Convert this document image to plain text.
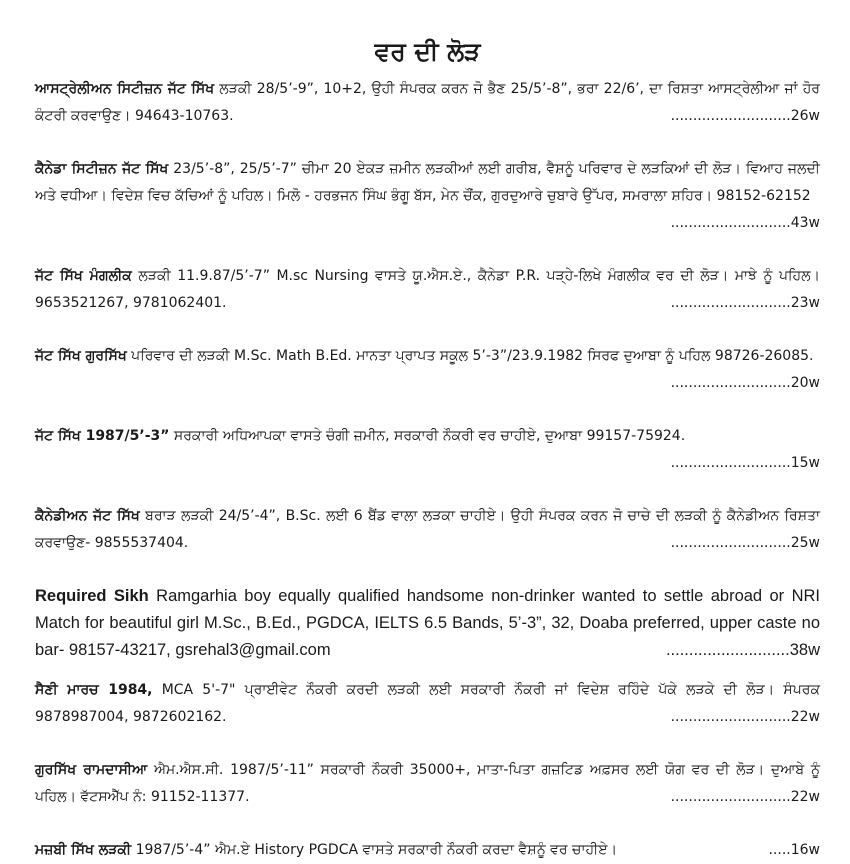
ਵਰ ਦੀ ਲੋੜ

ਆਸਟ੍ਰੇਲੀਅਨ ਸਿਟੀਜ਼ਨ ਜੱਟ ਸਿੱਖ ਲੜਕੀ 28/5’-9”, 10+2, ਉਹੀ ਸੰਪਰਕ ਕਰਨ ਜੋ ਭੈਣ 25/5’-8”, ਭਰਾ 22/6’, ਦਾ ਰਿਸ਼ਤਾ ਆਸਟ੍ਰੇਲੀਆ ਜਾਂ ਹੋਰ ਕੰਟਰੀ ਕਰਵਾਉਣ। 94643-10763.	...........................26w

ਕੈਨੇਡਾ ਸਿਟੀਜ਼ਨ ਜੱਟ ਸਿੱਖ 23/5’-8”, 25/5’-7” ਚੀਮਾ 20 ਏਕੜ ਜ਼ਮੀਨ ਲੜਕੀਆਂ ਲਈ ਗਰੀਬ, ਵੈਸ਼ਨੂੰ ਪਰਿਵਾਰ ਦੇ ਲੜਕਿਆਂ ਦੀ ਲੋੜ। ਵਿਆਹ ਜਲਦੀ ਅਤੇ ਵਧੀਆ। ਵਿਦੇਸ਼ ਵਿਚ ਕੱਚਿਆਂ ਨੂੰ ਪਹਿਲ। ਮਿਲੋ - ਹਰਭਜਨ ਸਿੰਘ ਭੰਗੂ ਬੱਸ, ਮੇਨ ਚੌਂਕ, ਗੁਰਦੁਆਰੇ ਚੁਬਾਰੇ ਉੱਪਰ, ਸਮਰਾਲਾ ਸ਼ਹਿਰ। 98152-62152
...........................43w

ਜੱਟ ਸਿੱਖ ਮੰਗਲੀਕ ਲੜਕੀ 11.9.87/5’-7” M.sc Nursing ਵਾਸਤੇ ਯੂ.ਐਸ.ਏ., ਕੈਨੇਡਾ P.R. ਪੜ੍ਹੇ-ਲਿਖੇ ਮੰਗਲੀਕ ਵਰ ਦੀ ਲੋੜ। ਮਾਝੇ ਨੂੰ ਪਹਿਲ। 9653521267, 9781062401.	...........................23w

ਜੱਟ ਸਿੱਖ ਗੁਰਸਿੱਖ ਪਰਿਵਾਰ ਦੀ ਲੜਕੀ M.Sc. Math B.Ed. ਮਾਨਤਾ ਪ੍ਰਾਪਤ ਸਕੂਲ 5’-3”/23.9.1982 ਸਿਰਫ ਦੁਆਬਾ ਨੂੰ ਪਹਿਲ 98726-26085.
...........................20w

ਜੱਟ ਸਿੱਖ 1987/5’-3” ਸਰਕਾਰੀ ਅਧਿਆਪਕਾ ਵਾਸਤੇ ਚੰਗੀ ਜ਼ਮੀਨ, ਸਰਕਾਰੀ ਨੌਕਰੀ ਵਰ ਚਾਹੀਏ, ਦੁਆਬਾ 99157-75924.

...........................15w

ਕੈਨੇਡੀਅਨ ਜੱਟ ਸਿੱਖ ਬਰਾੜ ਲੜਕੀ 24/5’-4”, B.Sc. ਲਈ 6 ਬੈਂਡ ਵਾਲਾ ਲੜਕਾ ਚਾਹੀਏ। ਉਹੀ ਸੰਪਰਕ ਕਰਨ ਜੋ ਚਾਚੇ ਦੀ ਲੜਕੀ ਨੂੰ ਕੈਨੇਡੀਅਨ ਰਿਸ਼ਤਾ ਕਰਵਾਉਣ- 9855537404.	...........................25w

Required Sikh Ramgarhia boy equally qualified handsome non-drinker wanted to settle abroad or NRI Match for beautiful girl M.Sc., B.Ed., PGDCA, IELTS 6.5 Bands, 5’-3”, 32, Doaba preferred, upper caste no bar- 98157-43217, gsrehal3@gmail.com	...........................38w

ਸੈਣੀ ਮਾਰਚ 1984, MCA 5'-7" ਪ੍ਰਾਈਵੇਟ ਨੌਕਰੀ ਕਰਦੀ ਲੜਕੀ ਲਈ ਸਰਕਾਰੀ ਨੌਕਰੀ ਜਾਂ ਵਿਦੇਸ਼ ਰਹਿੰਦੇ ਪੱਕੇ ਲੜਕੇ ਦੀ ਲੋੜ। ਸੰਪਰਕ 9878987004, 9872602162.	...........................22w

ਗੁਰਸਿੱਖ ਰਾਮਦਾਸੀਆ ਐਮ.ਐਸ.ਸੀ. 1987/5’-11” ਸਰਕਾਰੀ ਨੌਕਰੀ 35000+, ਮਾਤਾ-ਪਿਤਾ ਗਜ਼ਟਿਡ ਅਫ਼ਸਰ ਲਈ ਯੋਗ ਵਰ ਦੀ ਲੋੜ। ਦੁਆਬੇ ਨੂੰ ਪਹਿਲ। ਵੱਟਸਐੱਪ ਨੰ: 91152-11377.	...........................22w

ਮਜ਼ਬੀ ਸਿੱਖ ਲੜਕੀ 1987/5’-4” ਐਮ.ਏ History PGDCA ਵਾਸਤੇ ਸਰਕਾਰੀ ਨੌਕਰੀ ਕਰਦਾ ਵੈਸ਼ਨੂੰ ਵਰ ਚਾਹੀਏ।	.....16w
